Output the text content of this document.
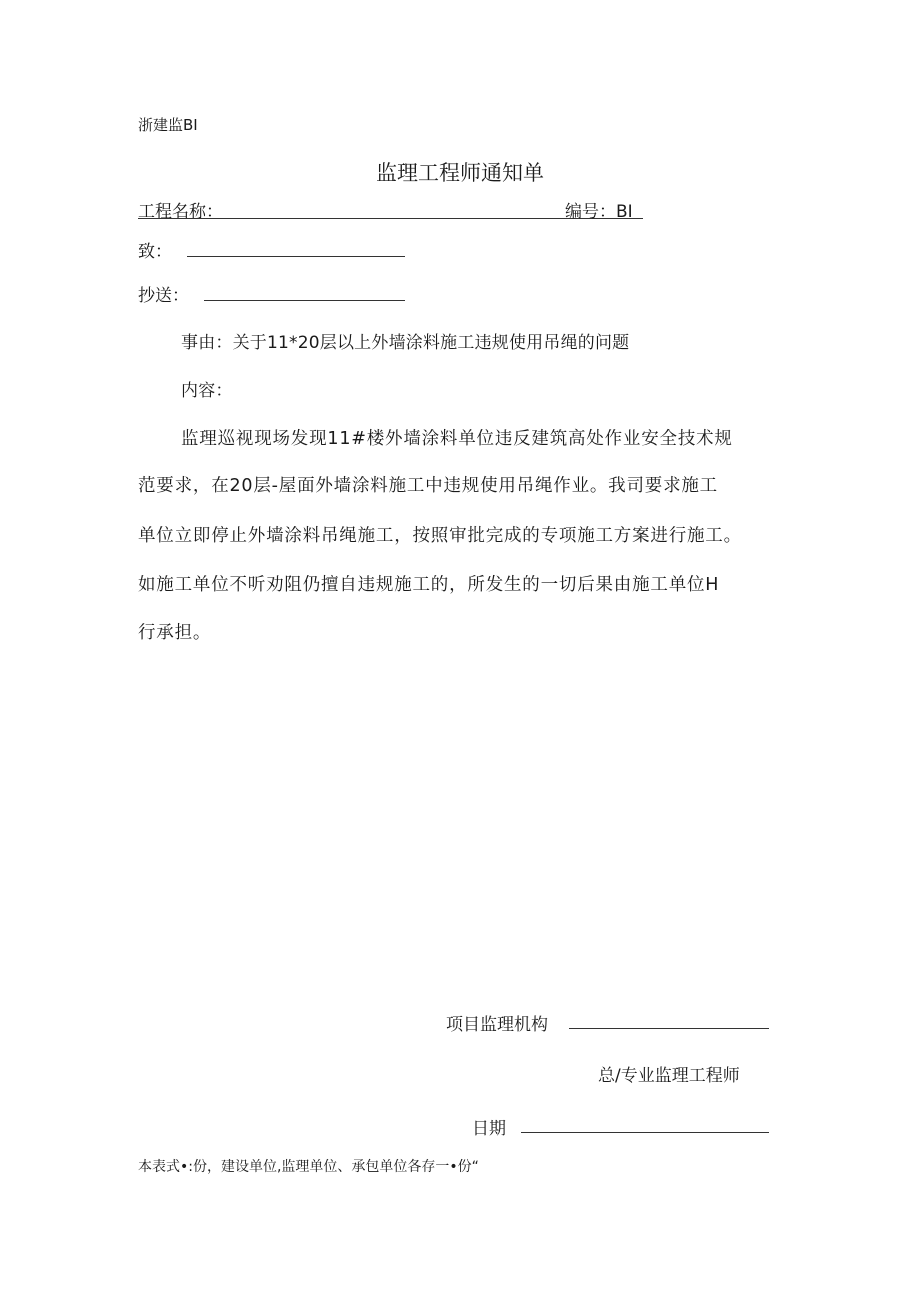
浙建监BI
监理工程师通知单
工程名称：	编号：BI
致：
抄送：
事由：关于11*20层以上外墙涂料施工违规使用吊绳的问题
内容：
监理巡视现场发现11#楼外墙涂料单位违反建筑高处作业安全技术规
范要求，在20层-屋面外墙涂料施工中违规使用吊绳作业。我司要求施工
单位立即停止外墙涂料吊绳施工，按照审批完成的专项施工方案进行施工。
如施工单位不听劝阻仍擅自违规施工的，所发生的一切后果由施工单位H
行承担。
项目监理机构
总/专业监理工程师
日期
本表式•:份，建设单位,监理单位、承包单位各存一•份“
